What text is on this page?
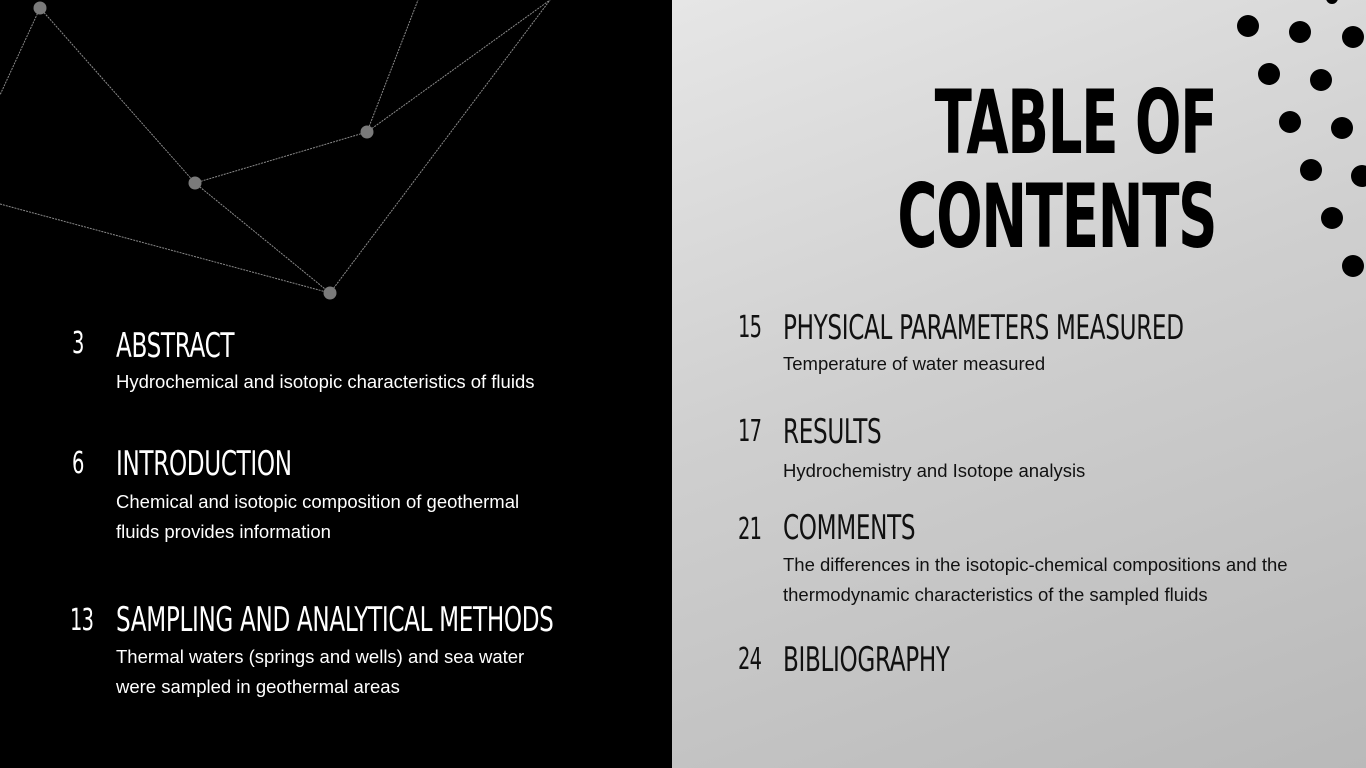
3 ABSTRACT
Hydrochemical and isotopic characteristics of fluids
6 INTRODUCTION
Chemical and isotopic composition of geothermal fluids provides information
13 SAMPLING AND ANALYTICAL METHODS
Thermal waters (springs and wells) and sea water were sampled in geothermal areas
TABLE OF
CONTENTS
15 PHYSICAL PARAMETERS MEASURED
Temperature of water measured
17 RESULTS
Hydrochemistry and Isotope analysis
21 COMMENTS
The differences in the isotopic-chemical compositions and the thermodynamic characteristics of the sampled fluids
24 BIBLIOGRAPHY
